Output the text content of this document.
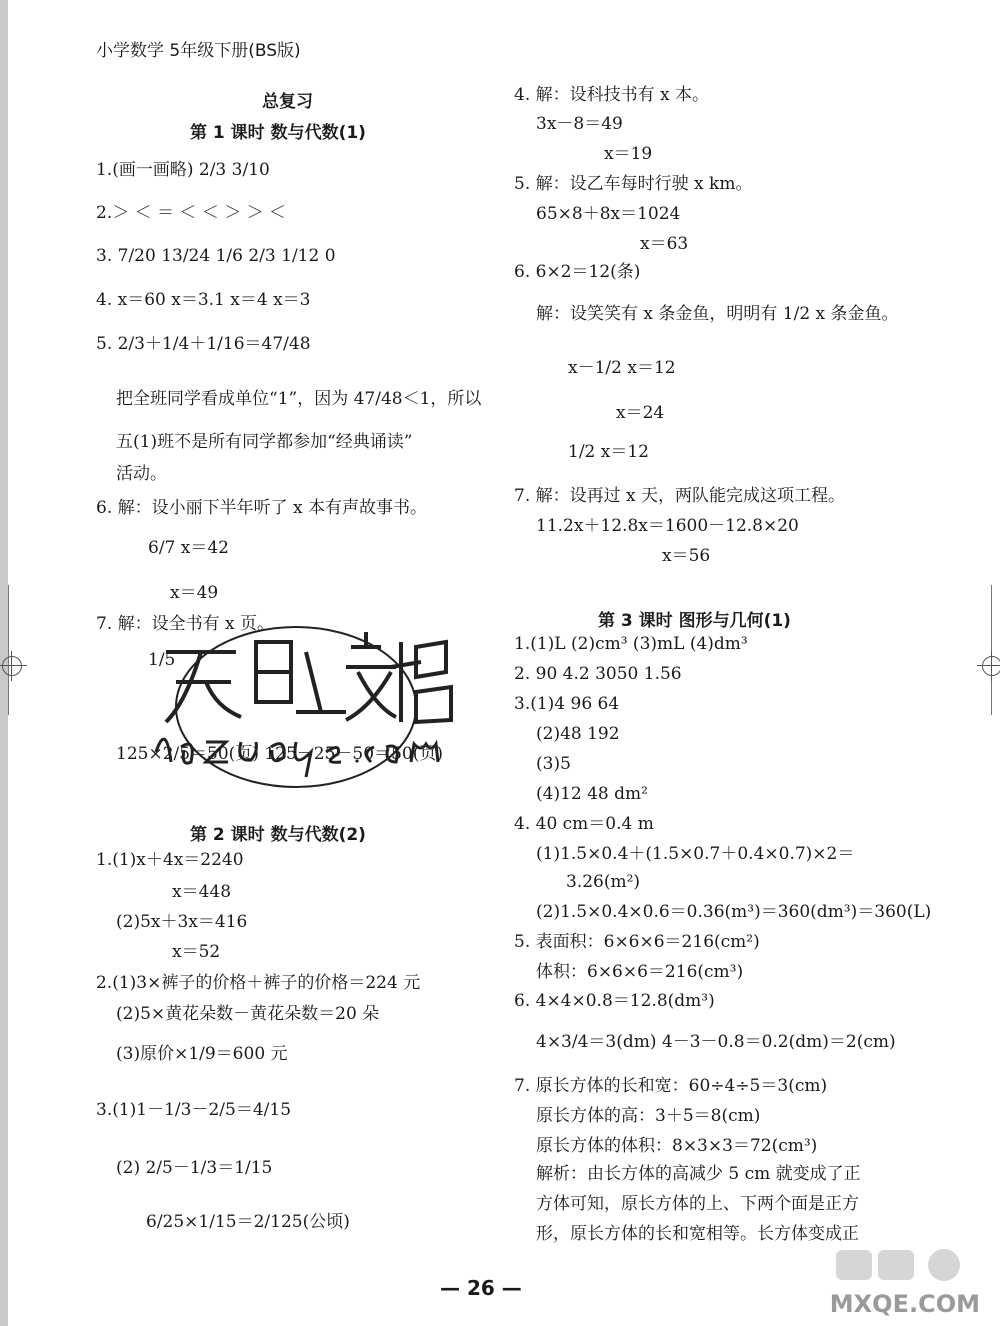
小学数学 5年级下册(BS版)
总复习
第 1 课时 数与代数(1)
1.(画一画略) 2/3 3/10
2.＞ ＜ ＝ ＜ ＜ ＞ ＞ ＜
3. 7/20 13/24 1/6 2/3 1/12 0
4. x＝60 x＝3.1 x＝4 x＝3
5. 2/3＋1/4＋1/16＝47/48
把全班同学看成单位“1”，因为 47/48＜1，所以
五(1)班不是所有同学都参加“经典诵读”
活动。
6. 解：设小丽下半年听了 x 本有声故事书。
6/7 x＝42
x＝49
7. 解：设全书有 x 页。
1/5
125×2/5＝50(页) 125－25－50＝50(页)
第 2 课时 数与代数(2)
1.(1)x＋4x＝2240
x＝448
(2)5x＋3x＝416
x＝52
2.(1)3×裤子的价格＋裤子的价格＝224 元
(2)5×黄花朵数－黄花朵数＝20 朵
(3)原价×1/9＝600 元
3.(1)1－1/3－2/5＝4/15
(2) 2/5－1/3＝1/15
6/25×1/15＝2/125(公顷)
4. 解：设科技书有 x 本。
3x－8＝49
x＝19
5. 解：设乙车每时行驶 x km。
65×8＋8x＝1024
x＝63
6. 6×2＝12(条)
解：设笑笑有 x 条金鱼，明明有 1/2 x 条金鱼。
x－1/2 x＝12
x＝24
1/2 x＝12
7. 解：设再过 x 天，两队能完成这项工程。
11.2x＋12.8x＝1600－12.8×20
x＝56
第 3 课时 图形与几何(1)
1.(1)L (2)cm³ (3)mL (4)dm³
2. 90 4.2 3050 1.56
3.(1)4 96 64
(2)48 192
(3)5
(4)12 48 dm²
4. 40 cm＝0.4 m
(1)1.5×0.4＋(1.5×0.7＋0.4×0.7)×2＝
3.26(m²)
(2)1.5×0.4×0.6＝0.36(m³)＝360(dm³)＝360(L)
5. 表面积：6×6×6＝216(cm²)
体积：6×6×6＝216(cm³)
6. 4×4×0.8＝12.8(dm³)
4×3/4＝3(dm) 4－3－0.8＝0.2(dm)＝2(cm)
7. 原长方体的长和宽：60÷4÷5＝3(cm)
原长方体的高：3＋5＝8(cm)
原长方体的体积：8×3×3＝72(cm³)
解析：由长方体的高减少 5 cm 就变成了正
方体可知，原长方体的上、下两个面是正方
形，原长方体的长和宽相等。长方体变成正
— 26 —
MXQE.COM
